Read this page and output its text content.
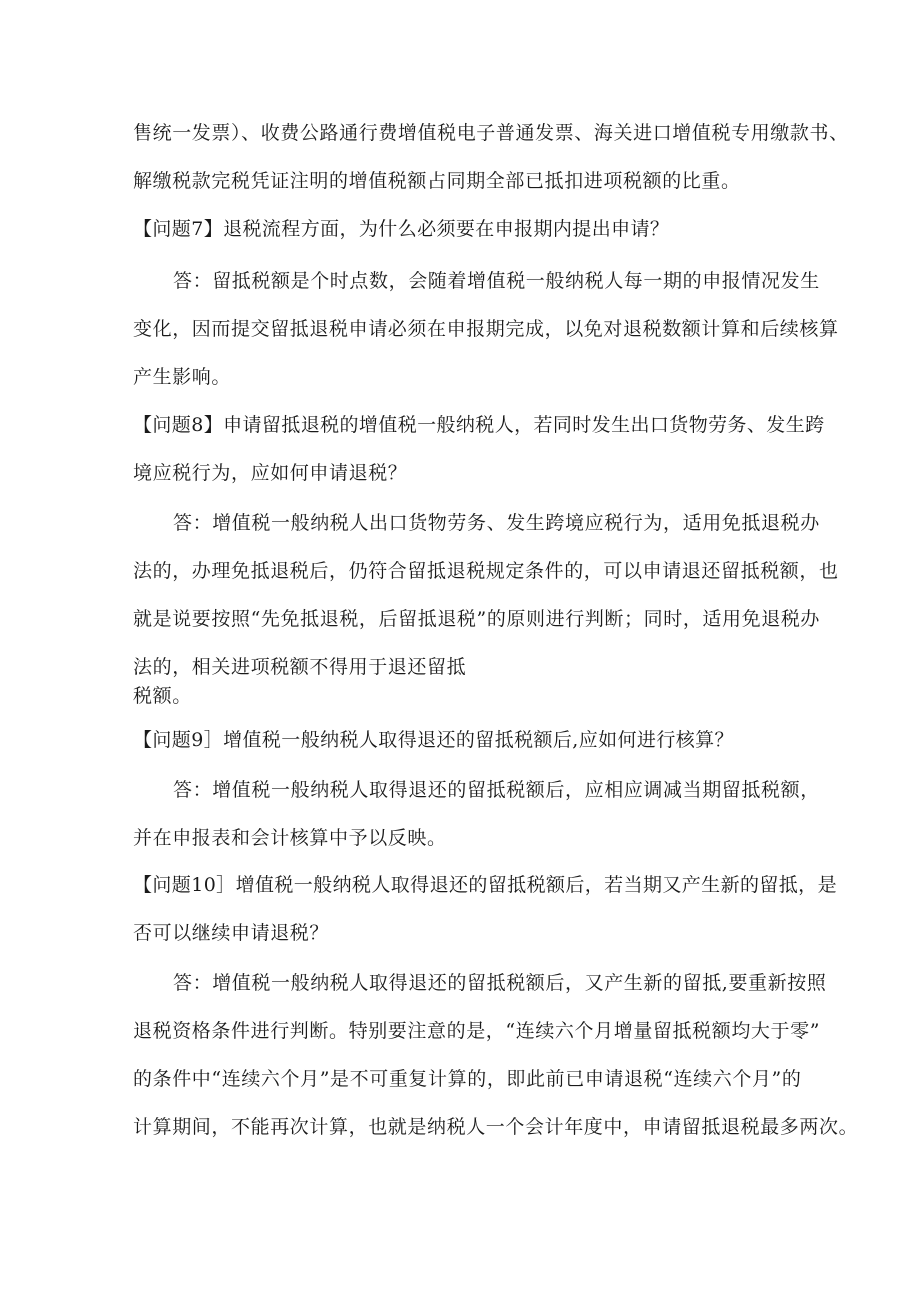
售统一发票）、收费公路通行费增值税电子普通发票、海关进口增值税专用缴款书、
解缴税款完税凭证注明的增值税额占同期全部已抵扣进项税额的比重。
【问题7】退税流程方面，为什么必须要在申报期内提出申请？
答：留抵税额是个时点数，会随着增值税一般纳税人每一期的申报情况发生
变化，因而提交留抵退税申请必须在申报期完成，以免对退税数额计算和后续核算
产生影响。
【问题8】申请留抵退税的增值税一般纳税人，若同时发生出口货物劳务、发生跨
境应税行为，应如何申请退税？
答：增值税一般纳税人出口货物劳务、发生跨境应税行为，适用免抵退税办
法的，办理免抵退税后，仍符合留抵退税规定条件的，可以申请退还留抵税额，也
就是说要按照“先免抵退税，后留抵退税”的原则进行判断；同时，适用免退税办
法的，相关进项税额不得用于退还留抵
税额。
【问题9］增值税一般纳税人取得退还的留抵税额后,应如何进行核算？
答：增值税一般纳税人取得退还的留抵税额后，应相应调减当期留抵税额，
并在申报表和会计核算中予以反映。
【问题10］增值税一般纳税人取得退还的留抵税额后，若当期又产生新的留抵，是
否可以继续申请退税？
答：增值税一般纳税人取得退还的留抵税额后，又产生新的留抵,要重新按照
退税资格条件进行判断。特别要注意的是，“连续六个月增量留抵税额均大于零”
的条件中“连续六个月”是不可重复计算的，即此前已申请退税“连续六个月”的
计算期间，不能再次计算，也就是纳税人一个会计年度中，申请留抵退税最多两次。
